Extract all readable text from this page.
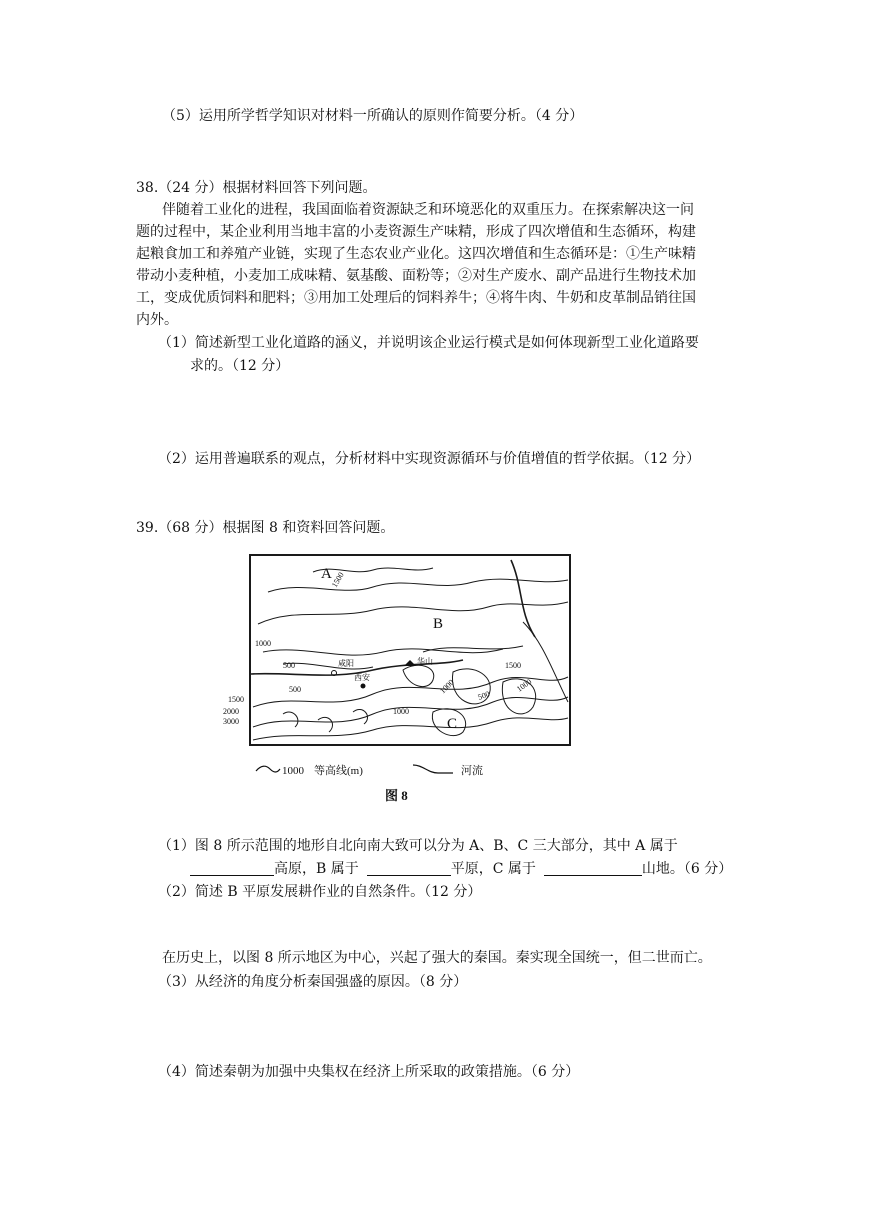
（5）运用所学哲学知识对材料一所确认的原则作简要分析。（4 分）
38.（24 分）根据材料回答下列问题。
伴随着工业化的进程，我国面临着资源缺乏和环境恶化的双重压力。在探索解决这一问
题的过程中，某企业利用当地丰富的小麦资源生产味精，形成了四次增值和生态循环，构建
起粮食加工和养殖产业链，实现了生态农业产业化。这四次增值和生态循环是：①生产味精
带动小麦种植，小麦加工成味精、氨基酸、面粉等；②对生产废水、副产品进行生物技术加
工，变成优质饲料和肥料；③用加工处理后的饲料养牛；④将牛肉、牛奶和皮革制品销往国
内外。
（1）简述新型工业化道路的涵义，并说明该企业运行模式是如何体现新型工业化道路要
求的。（12 分）
（2）运用普遍联系的观点，分析材料中实现资源循环与价值增值的哲学依据。（12 分）
39.（68 分）根据图 8 和资料回答问题。
A
B
C
1500
1000
500
500
1500
1000
1000
1500
2000
3000
1000
500
咸阳
西安
华山
1000 等高线(m)	河流
图 8
（1）图 8 所示范围的地形自北向南大致可以分为 A、B、C 三大部分，其中 A 属于
高原，B 属于	平原，C 属于	山地。（6 分）
（2）简述 B 平原发展耕作业的自然条件。（12 分）
在历史上，以图 8 所示地区为中心，兴起了强大的秦国。秦实现全国统一，但二世而亡。
（3）从经济的角度分析秦国强盛的原因。（8 分）
（4）简述秦朝为加强中央集权在经济上所采取的政策措施。（6 分）
